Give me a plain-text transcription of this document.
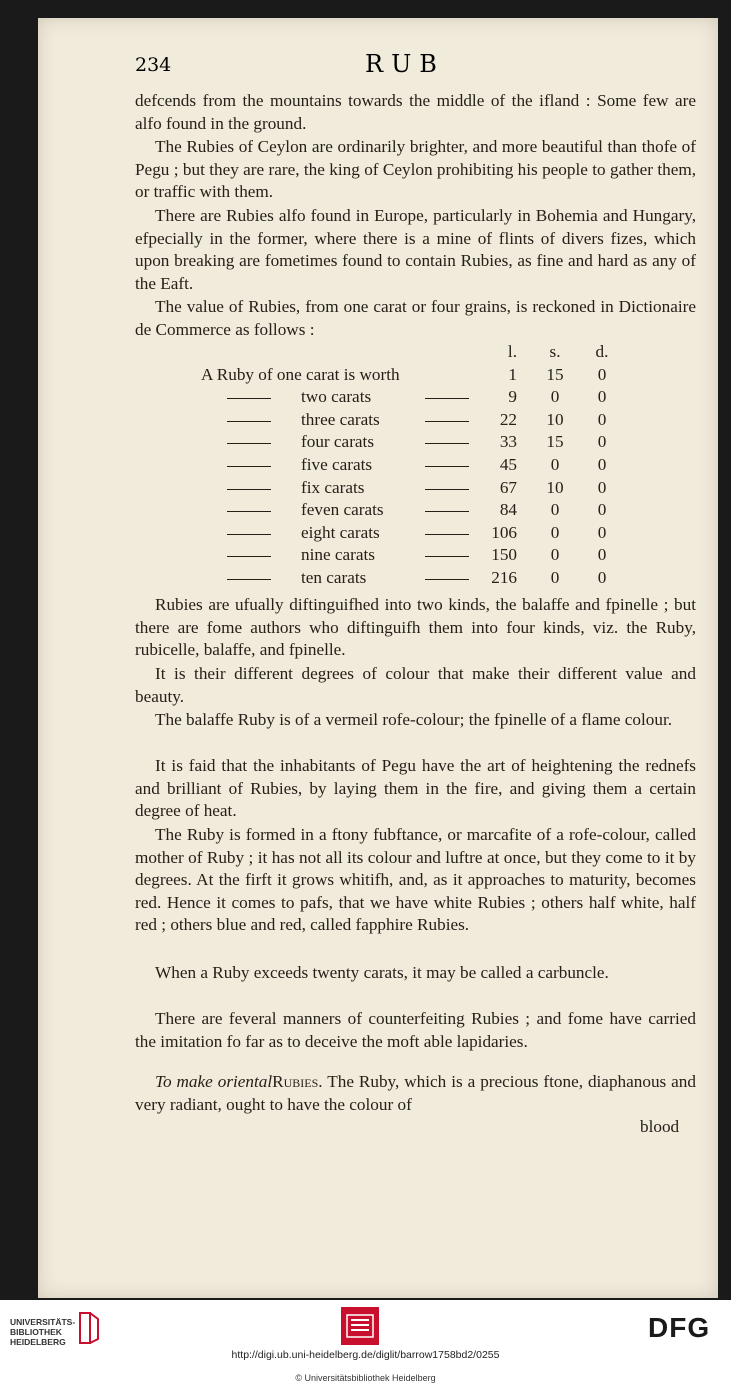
234	RUB

defcends from the mountains towards the middle of the ifland : Some few are alfo found in the ground.

The Rubies of Ceylon are ordinarily brighter, and more beautiful than thofe of Pegu ; but they are rare, the king of Ceylon prohibiting his people to gather them, or traffic with them.

There are Rubies alfo found in Europe, particularly in Bohemia and Hungary, efpecially in the former, where there is a mine of flints of divers fizes, which upon breaking are fometimes found to contain Rubies, as fine and hard as any of the Eaft.

The value of Rubies, from one carat or four grains, is reckoned in Dictionaire de Commerce as follows :

l.	s.	d.
A Ruby of one carat is worth	1	15	0
two carats	9	0	0
three carats	22	10	0
four carats	33	15	0
five carats	45	0	0
fix carats	67	10	0
feven carats	84	0	0
eight carats	106	0	0
nine carats	150	0	0
ten carats	216	0	0

Rubies are ufually diftinguifhed into two kinds, the balaffe and fpinelle ; but there are fome authors who diftinguifh them into four kinds, viz. the Ruby, rubicelle, balaffe, and fpinelle.

It is their different degrees of colour that make their different value and beauty.

The balaffe Ruby is of a vermeil rofe-colour; the fpinelle of a flame colour.

It is faid that the inhabitants of Pegu have the art of heightening the rednefs and brilliant of Rubies, by laying them in the fire, and giving them a certain degree of heat.

The Ruby is formed in a ftony fubftance, or marcafite of a rofe-colour, called mother of Ruby ; it has not all its colour and luftre at once, but they come to it by degrees. At the firft it grows whitifh, and, as it approaches to maturity, becomes red. Hence it comes to pafs, that we have white Rubies ; others half white, half red ; others blue and red, called fapphire Rubies.

When a Ruby exceeds twenty carats, it may be called a carbuncle.

There are feveral manners of counterfeiting Rubies ; and fome have carried the imitation fo far as to deceive the moft able lapidaries.

To make orientalRubies. The Ruby, which is a precious ftone, diaphanous and very radiant, ought to have the colour of

blood
UNIVERSITÄTS-
BIBLIOTHEK
HEIDELBERG	DFG
http://digi.ub.uni-heidelberg.de/diglit/barrow1758bd2/0255
© Universitätsbibliothek Heidelberg
